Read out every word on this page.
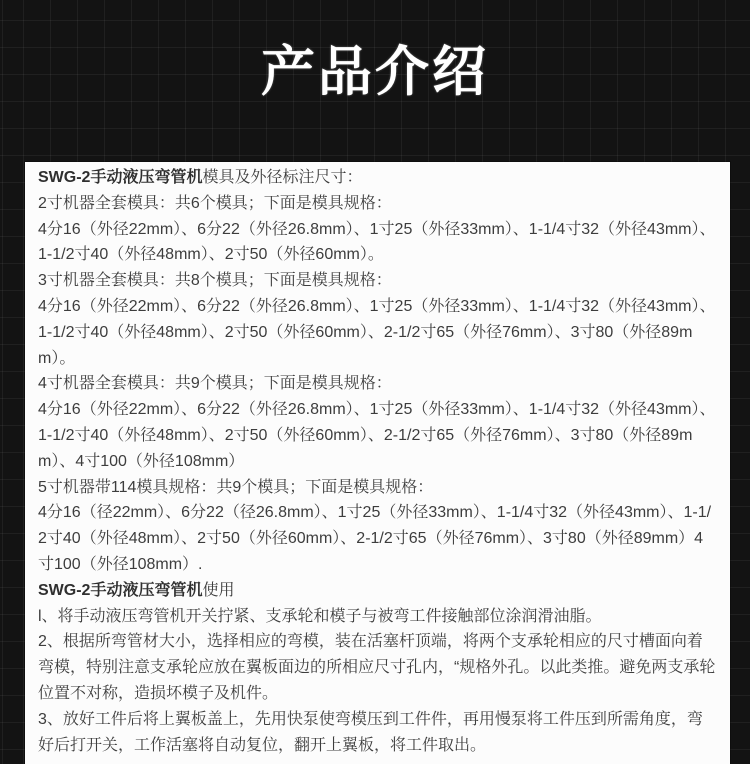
产品介绍

SWG-2手动液压弯管机模具及外径标注尺寸：

2寸机器全套模具：共6个模具；下面是模具规格：

4分16（外径22mm）、6分22（外径26.8mm）、1寸25（外径33mm）、1-1/4寸32（外径43mm）、1-1/2寸40（外径48mm）、2寸50（外径60mm）。

3寸机器全套模具：共8个模具；下面是模具规格：

4分16（外径22mm）、6分22（外径26.8mm）、1寸25（外径33mm）、1-1/4寸32（外径43mm）、1-1/2寸40（外径48mm）、2寸50（外径60mm）、2-1/2寸65（外径76mm）、3寸80（外径89mm）。

4寸机器全套模具：共9个模具；下面是模具规格：

4分16（外径22mm）、6分22（外径26.8mm）、1寸25（外径33mm）、1-1/4寸32（外径43mm）、1-1/2寸40（外径48mm）、2寸50（外径60mm）、2-1/2寸65（外径76mm）、3寸80（外径89mm）、4寸100（外径108mm）

5寸机器带114模具规格：共9个模具；下面是模具规格：

4分16（径22mm）、6分22（径26.8mm）、1寸25（外径33mm）、1-1/4寸32（外径43mm）、1-1/2寸40（外径48mm）、2寸50（外径60mm）、2-1/2寸65（外径76mm）、3寸80（外径89mm）4寸100（外径108mm）.

SWG-2手动液压弯管机使用

l、将手动液压弯管机开关拧紧、支承轮和模子与被弯工件接触部位涂润滑油脂。

2、根据所弯管材大小，选择相应的弯模，装在活塞杆顶端，将两个支承轮相应的尺寸槽面向着弯模，特别注意支承轮应放在翼板面边的所相应尺寸孔内，“规格外孔。以此类推。避免两支承轮位置不对称，造损坏模子及机件。

3、放好工件后将上翼板盖上，先用快泵使弯模压到工件件，再用慢泵将工件压到所需角度，弯好后打开关，工作活塞将自动复位，翻开上翼板，将工件取出。
